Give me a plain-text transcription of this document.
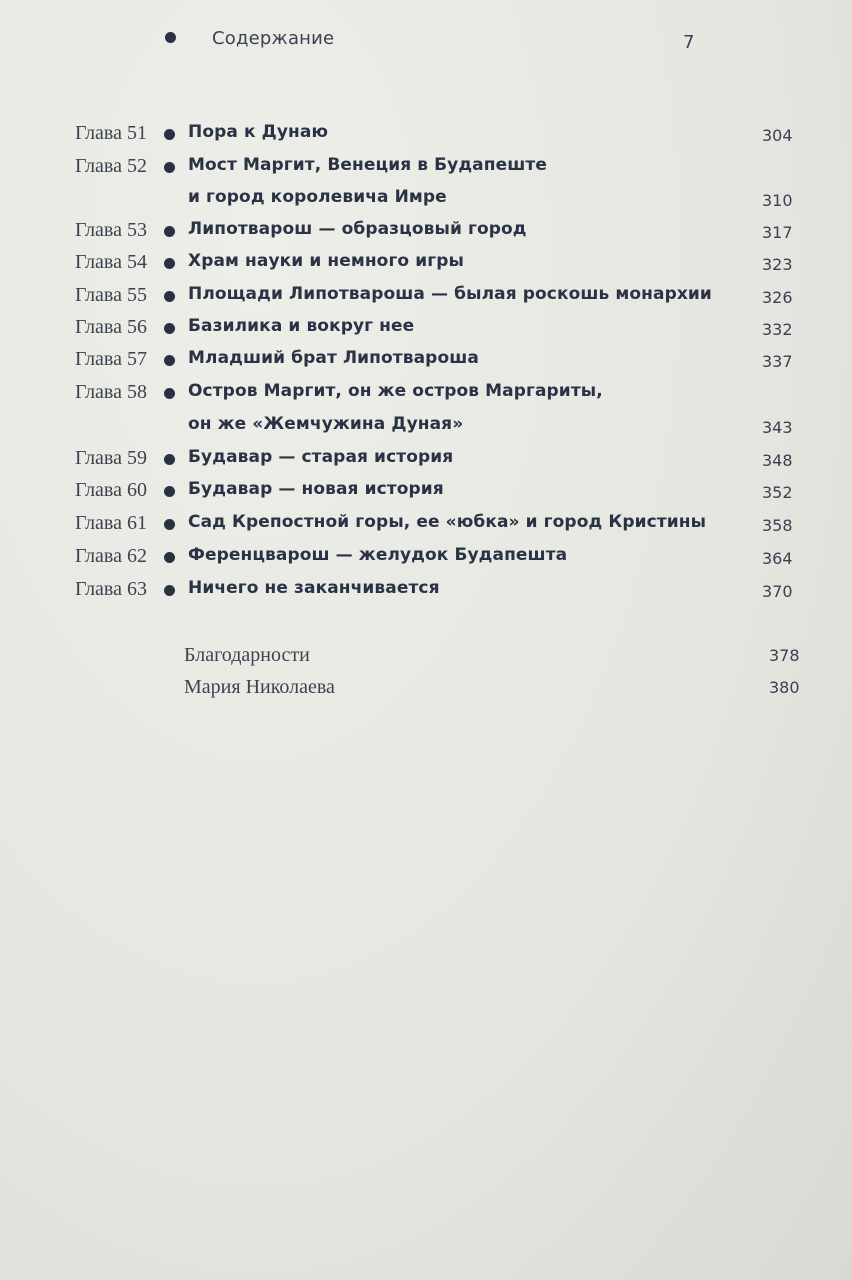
Содержание	7
Глава 51 Пора к Дунаю	304
Глава 52 Мост Маргит, Венеция в Будапеште
и город королевича Имре	310
Глава 53 Липотварош — образцовый город	317
Глава 54 Храм науки и немного игры	323
Глава 55 Площади Липотвароша — былая роскошь монархии	326
Глава 56 Базилика и вокруг нее	332
Глава 57 Младший брат Липотвароша	337
Глава 58 Остров Маргит, он же остров Маргариты,
он же «Жемчужина Дуная»	343
Глава 59 Будавар — старая история	348
Глава 60 Будавар — новая история	352
Глава 61 Сад Крепостной горы, ее «юбка» и город Кристины	358
Глава 62 Ференцварош — желудок Будапешта	364
Глава 63 Ничего не заканчивается	370
Благодарности	378
Мария Николаева	380
